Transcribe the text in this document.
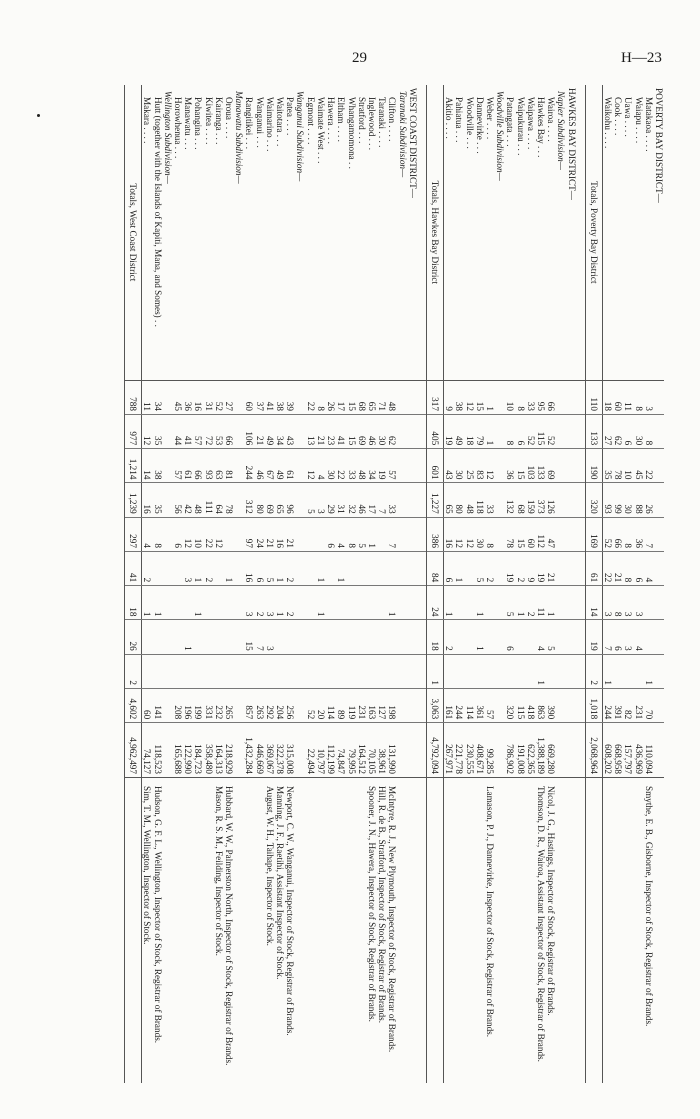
29	H—23
POVERTY BAY DISTRICT—												
Matakaoa . . . .	3	8	22	26	7	4			1	70	110,094	Smythe, E. B., Gisborne, Inspector of Stock, Registrar of Brands.
Waiapu . . . .	8	30	45	88	36	6	3	4		231	436,969	
Uawa . . . .	11	6	10	30	8	8	3	3		82	157,797	
Cook . . . .	60	62	78	99	66	21	8	6		391	668,958	
Waikohu . . . .	18	27	35	93	52	22	3	7	1	244	608,202	
Totals, Poverty Bay District	110	133	190	320	169	61	14	19	2	1,018	2,068,964	

HAWKES BAY DISTRICT—												
Napier Subdivision—												
Wairoa . . . .	66	52	69	126	47	21	1	5		390	669,280	Nicol, J. G., Hastings, Inspector of Stock, Registrar of Brands.
Hawkes Bay . . .	95	115	133	373	112	19	11	4	1	863	1,388,189	Thomson, D. R., Wairoa, Assistant Inspector of Stock, Registrar of Brands.
Waipawa . . . .	33	52	103	159	60	9	2			418	622,365	
Waipukurau . . .	8	6	15	68	15	2	1			115	191,008	
Patangata . . .	10	8	36	132	78	19	5	6		320	786,902	
Woodville Subdivision—												
Weber . . . .	1	1	12	33	8	2				57	99,285	Lamason, P. J., Dannevirke, Inspector of Stock, Registrar of Brands.
Dannevirke . . .	15	79	83	118	30	5	1	1		361	408,671	
Woodville . . .	12	18	25	48	12					114	230,555	
Pahiatua . . .	38	49	30	80	12	1				244	221,778	
Akitio . . . .	9	19	43	65	16	6	1	2		161	267,971	
Totals, Hawkes Bay District	317	405	601	1,227	386	84	24	18	1	3,063	4,792,094	

WEST COAST DISTRICT—												
Taranaki Subdivision—												
Clifton . . . .	48	62	57	33	7		1			198	131,990	McIntyre, R. J., New Plymouth, Inspector of Stock, Registrar of Brands.
Taranaki . . . .	71	30	19	7						127	38,961	Hill, R. de B., Stratford, Inspector of Stock, Registrar of Brands.
Inglewood . . .	65	46	34	17	1					163	70,105	Spooner, J. N., Hawera, Inspector of Stock, Registrar of Brands.
Stratford . . .	68	69	48	46	5					231	164,512	
Whangamomona . .	15	15	33	32	8					119	79,995	
Eltham . . . .	17	41	22	31	4	1				89	74,847	
Hawera . . . .	26	23	30	29	6					114	112,199	
Waimate West . . .	8	21	4	3		1	1			20	10,797	
Egmont . . . .	22	13	12	5						52	22,494	
Wanganui Subdivision—												
Patea . . . .	39	43	61	96	21	2	2			256	315,008	Newport, C. W., Wanganui, Inspector of Stock, Registrar of Brands.
Waitotara . . .	38	34	49	65	16	1	1			204	322,378	Manning, J. F., Raetihi, Assistant Inspector of Stock.
Waimarino . . .	41	49	67	69	21	5	3	3		292	369,067	August, W. H., Taihape, Inspector of Stock.
Wanganui . . .	37	21	46	80	24	6	2	7		263	446,669	
Rangitikei . . .	60	106	244	312	97	16	3	15		857	1,432,284	
Manawatu Subdivision—												
Oroua . . . .	27	66	81	78		1				265	218,929	Hubbard, W. W., Palmerston North, Inspector of Stock, Registrar of Brands.
Kairanga . . .	52	53	63	64	12					232	164,313	Mason, R. S. M., Feilding, Inspector of Stock.
Kiwitea . . . .	31	72	93	111	22	2				331	358,480	
Pohangina . . .	16	57	66	48	10	1	1			199	184,723	
Manawatu . . .	36	41	61	42	12	3		1		196	122,990	
Horowhenua . . .	45	44	57	56	6					208	165,688	
Wellington Subdivision—												
Hutt (together with the Islands of Kapiti, Mana, and Somes) . .	34	35	38	35	8		1			141	118,523	Hudson, G. F. L., Wellington, Inspector of Stock, Registrar of Brands.
Makara . . . .	11	12	14	16	4	2	1			60	74,127	Sim, T. M., Wellington, Inspector of Stock.
Totals, West Coast District	788	977	1,214	1,239	297	41	18	26	2	4,602	4,962,497	
